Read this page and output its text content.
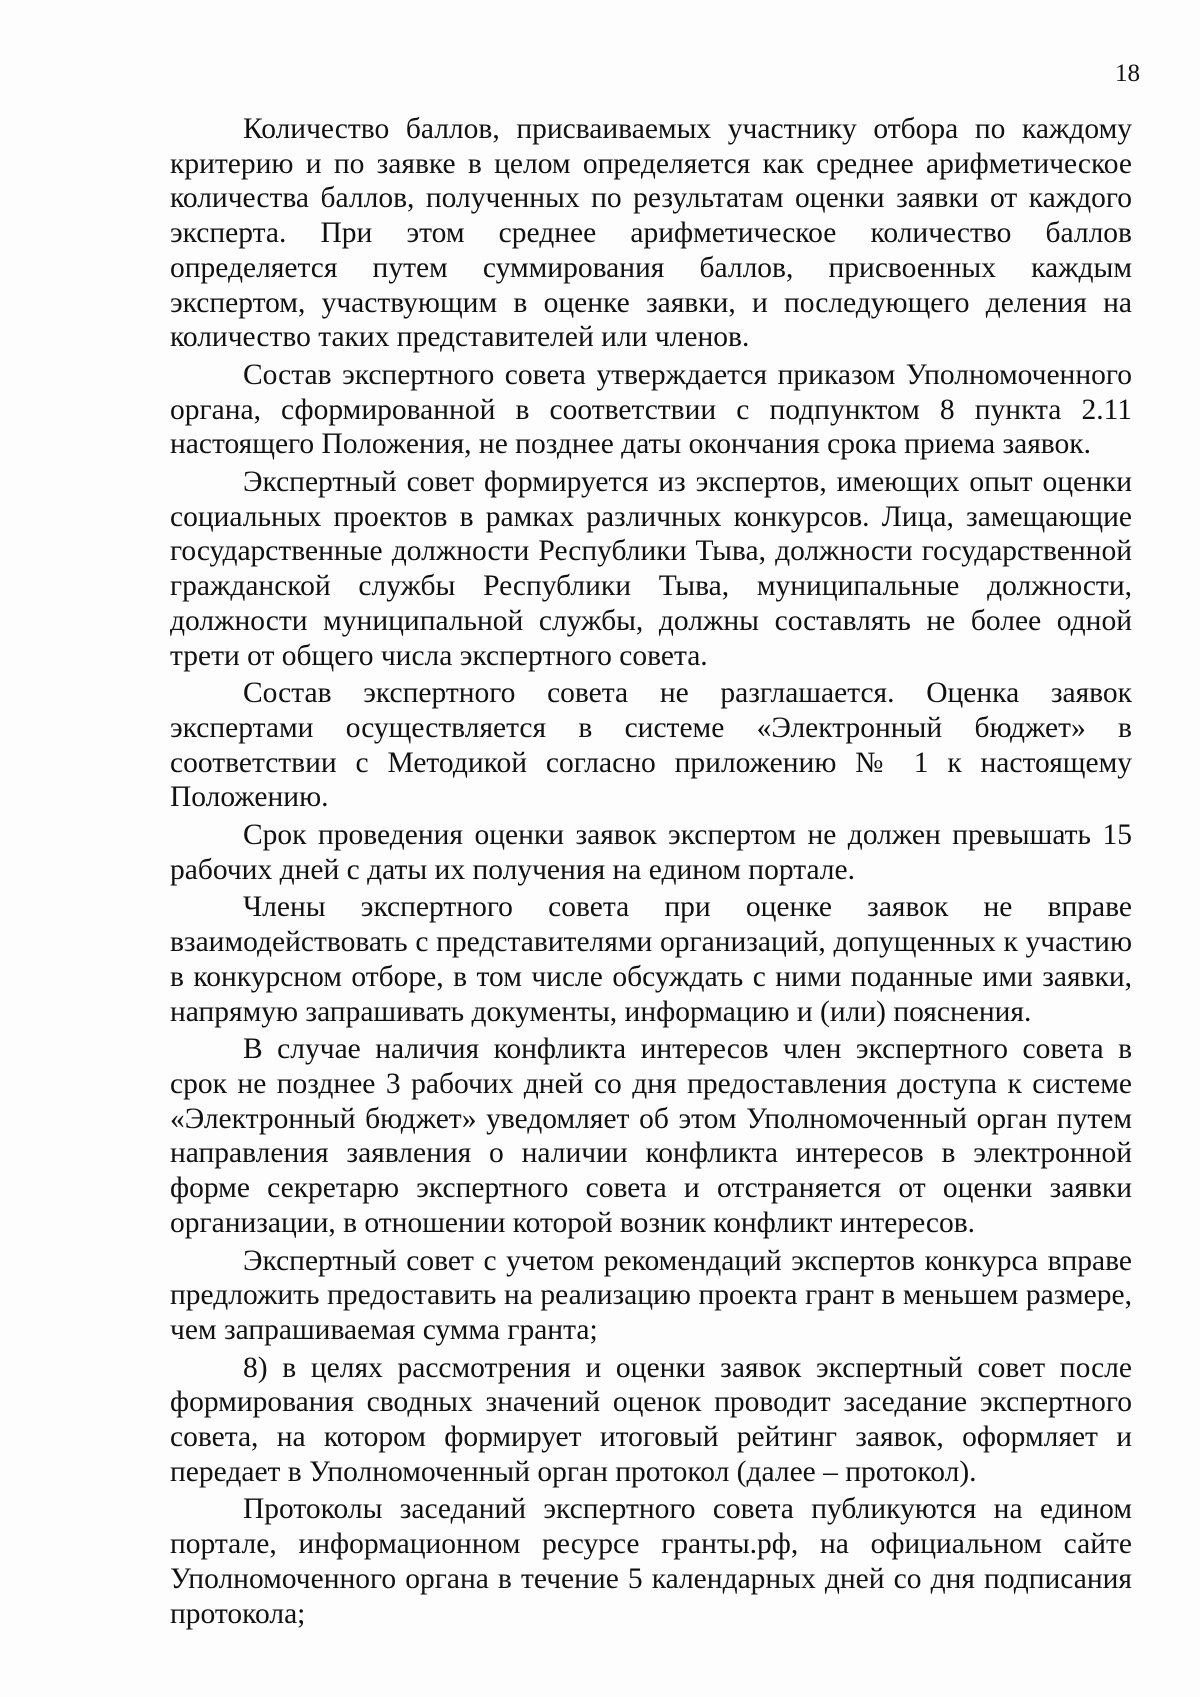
18

Количество баллов, присваиваемых участнику отбора по каждому критерию и по заявке в целом определяется как среднее арифметическое количества баллов, полученных по результатам оценки заявки от каждого эксперта. При этом среднее арифметическое количество баллов определяется путем суммирования баллов, присвоенных каждым экспертом, участвующим в оценке заявки, и последующего деления на количество таких представителей или членов.

Состав экспертного совета утверждается приказом Уполномоченного органа, сформированной в соответствии с подпунктом 8 пункта 2.11 настоящего Положения, не позднее даты окончания срока приема заявок.

Экспертный совет формируется из экспертов, имеющих опыт оценки социальных проектов в рамках различных конкурсов. Лица, замещающие государственные должности Республики Тыва, должности государственной гражданской службы Республики Тыва, муниципальные должности, должности муниципальной службы, должны составлять не более одной трети от общего числа экспертного совета.

Состав экспертного совета не разглашается. Оценка заявок экспертами осуществляется в системе «Электронный бюджет» в соответствии с Методикой согласно приложению № 1 к настоящему Положению.

Срок проведения оценки заявок экспертом не должен превышать 15 рабочих дней с даты их получения на едином портале.

Члены экспертного совета при оценке заявок не вправе взаимодействовать с представителями организаций, допущенных к участию в конкурсном отборе, в том числе обсуждать с ними поданные ими заявки, напрямую запрашивать документы, информацию и (или) пояснения.

В случае наличия конфликта интересов член экспертного совета в срок не позднее 3 рабочих дней со дня предоставления доступа к системе «Электронный бюджет» уведомляет об этом Уполномоченный орган путем направления заявления о наличии конфликта интересов в электронной форме секретарю экспертного совета и отстраняется от оценки заявки организации, в отношении которой возник конфликт интересов.

Экспертный совет с учетом рекомендаций экспертов конкурса вправе предложить предоставить на реализацию проекта грант в меньшем размере, чем запрашиваемая сумма гранта;

8) в целях рассмотрения и оценки заявок экспертный совет после формирования сводных значений оценок проводит заседание экспертного совета, на котором формирует итоговый рейтинг заявок, оформляет и передает в Уполномоченный орган протокол (далее – протокол).

Протоколы заседаний экспертного совета публикуются на едином портале, информационном ресурсе гранты.рф, на официальном сайте Уполномоченного органа в течение 5 календарных дней со дня подписания протокола;
